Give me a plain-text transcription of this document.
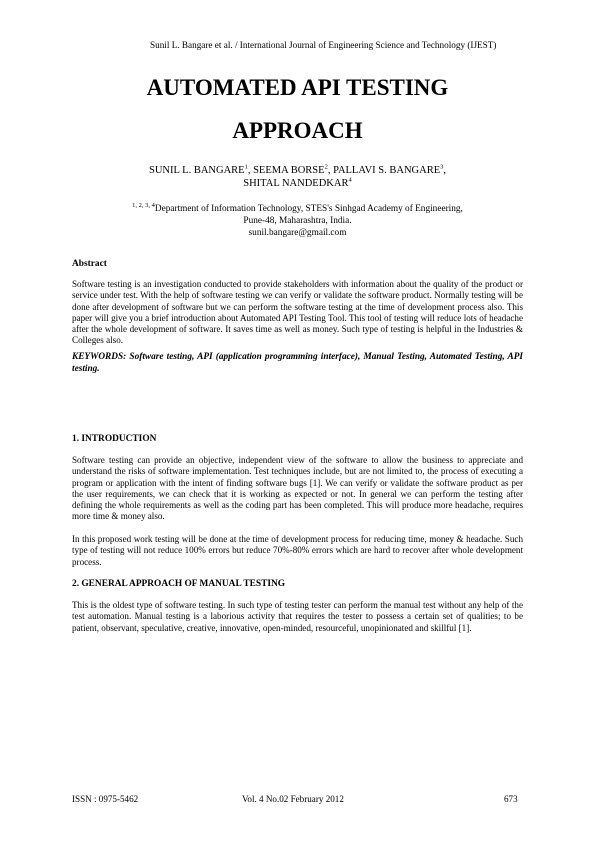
Sunil L. Bangare et al. / International Journal of Engineering Science and Technology (IJEST)
AUTOMATED API TESTING
APPROACH
SUNIL L. BANGARE$^1$, SEEMA BORSE$^2$, PALLAVI S. BANGARE$^3$,
SHITAL NANDEDKAR$^4$
$^{1, 2, 3, 4}$Department of Information Technology, STES's Sinhgad Academy of Engineering,
Pune-48, Maharashtra, India.
sunil.bangare@gmail.com
Abstract
Software testing is an investigation conducted to provide stakeholders with information about the quality of the product or service under test. With the help of software testing we can verify or validate the software product. Normally testing will be done after development of software but we can perform the software testing at the time of development process also. This paper will give you a brief introduction about Automated API Testing Tool. This tool of testing will reduce lots of headache after the whole development of software. It saves time as well as money. Such type of testing is helpful in the Industries & Colleges also.
KEYWORDS: Software testing, API (application programming interface), Manual Testing, Automated Testing, API testing.
1. INTRODUCTION
Software testing can provide an objective, independent view of the software to allow the business to appreciate and understand the risks of software implementation. Test techniques include, but are not limited to, the process of executing a program or application with the intent of finding software bugs [1]. We can verify or validate the software product as per the user requirements, we can check that it is working as expected or not. In general we can perform the testing after defining the whole requirements as well as the coding part has been completed. This will produce more headache, requires more time & money also.
In this proposed work testing will be done at the time of development process for reducing time, money & headache. Such type of testing will not reduce 100% errors but reduce 70%-80% errors which are hard to recover after whole development process.
2. GENERAL APPROACH OF MANUAL TESTING
This is the oldest type of software testing. In such type of testing tester can perform the manual test without any help of the test automation. Manual testing is a laborious activity that requires the tester to possess a certain set of qualities; to be patient, observant, speculative, creative, innovative, open-minded, resourceful, unopinionated and skillful [1].
ISSN : 0975-5462	Vol. 4 No.02 February 2012	673
